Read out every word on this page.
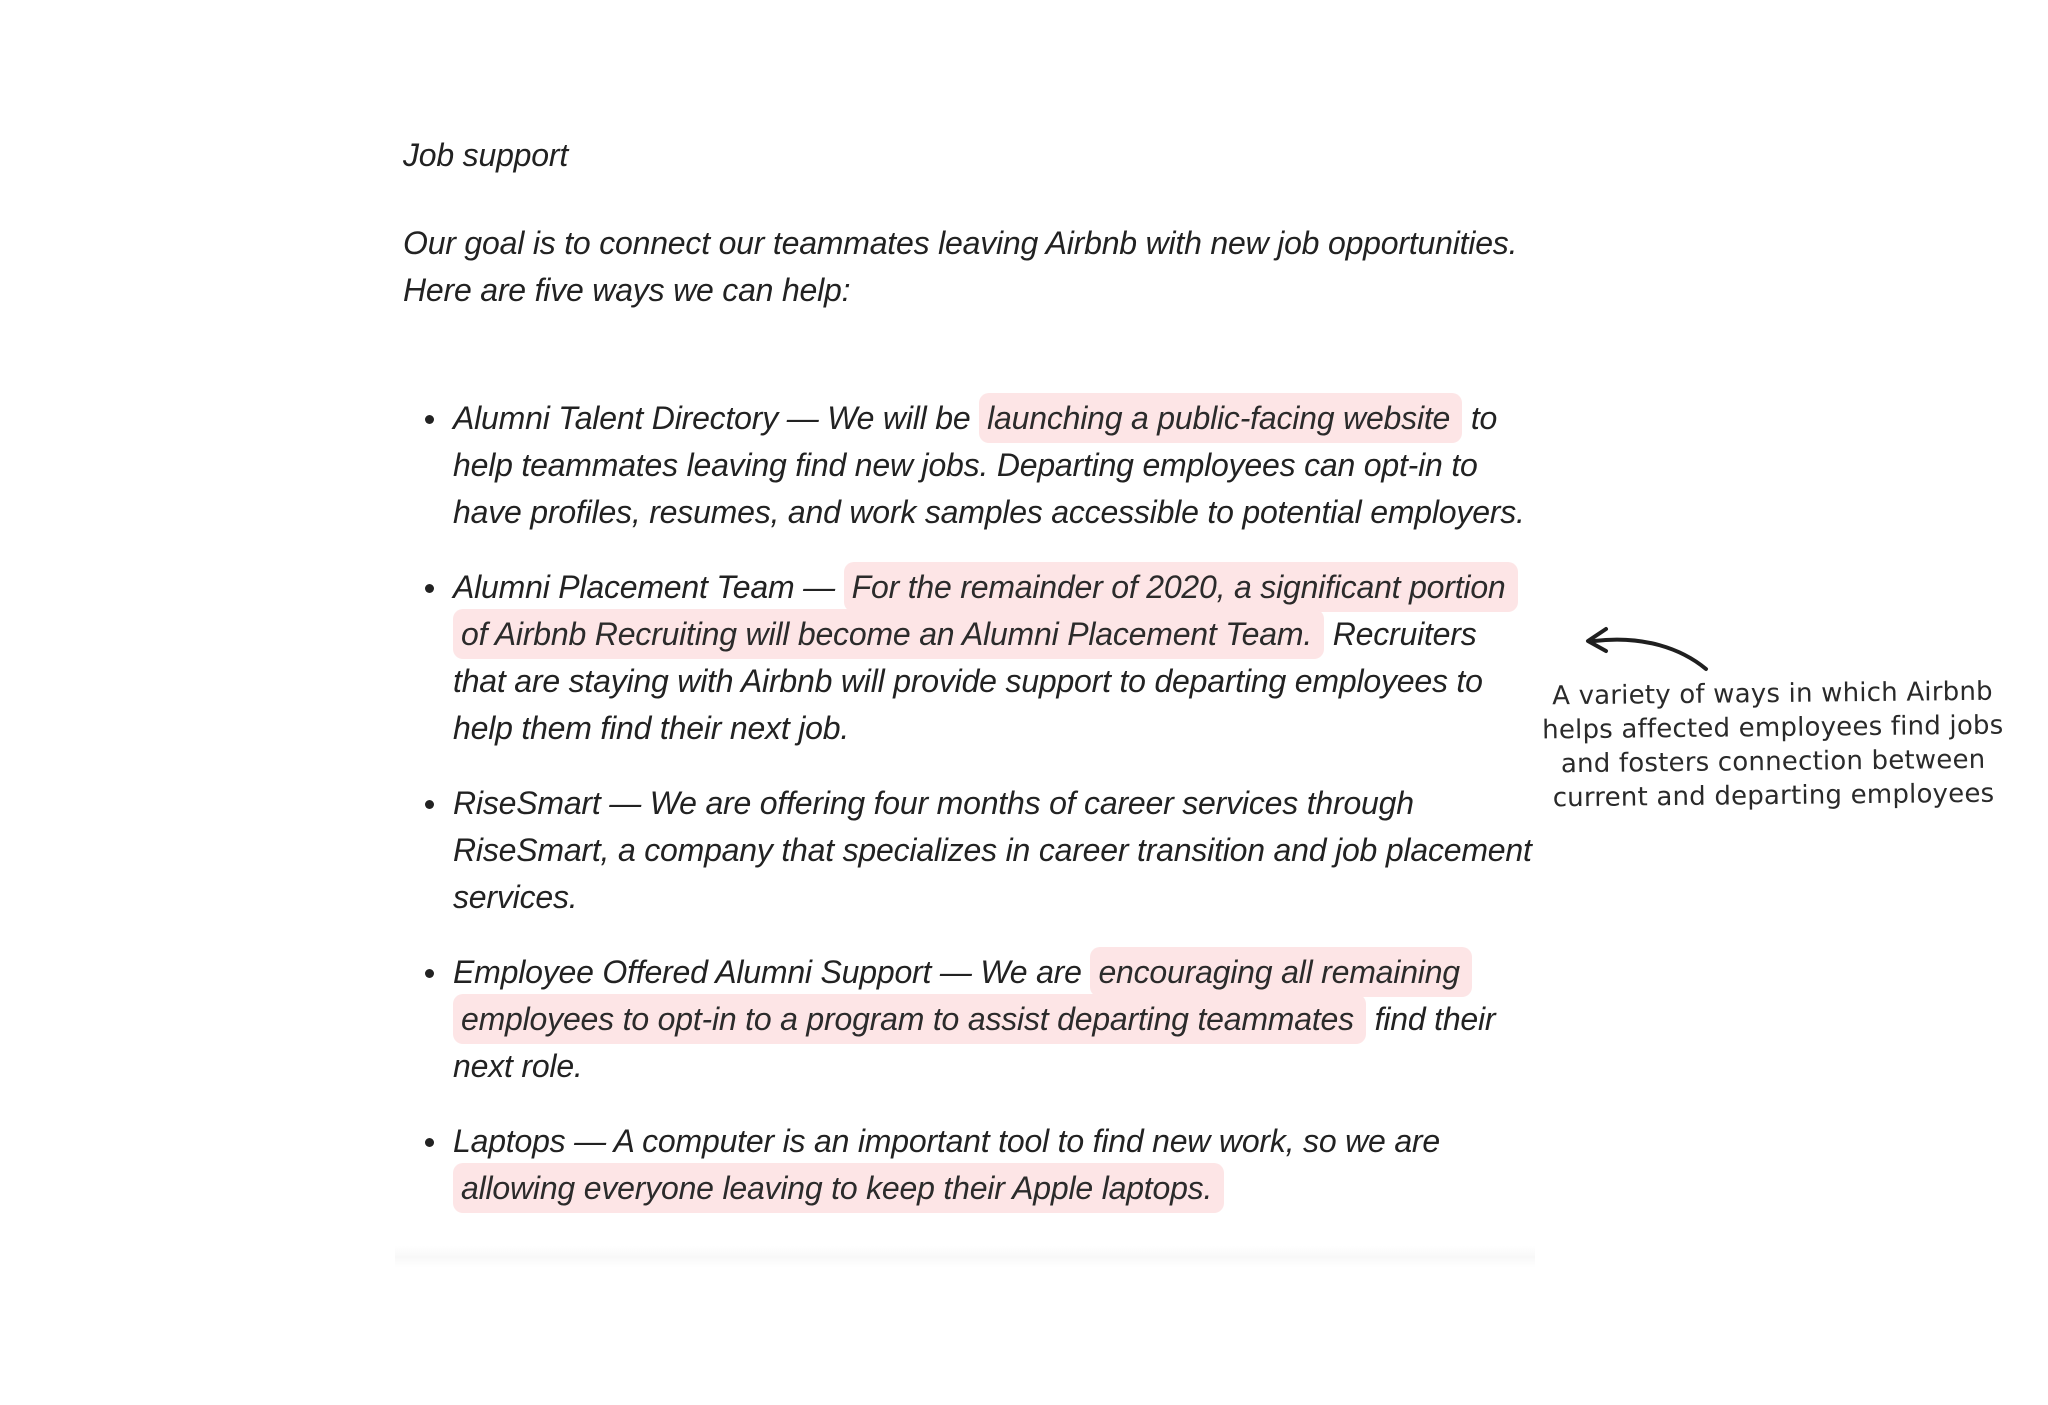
Job support

Our goal is to connect our teammates leaving Airbnb with new job opportunities. Here are five ways we can help:

Alumni Talent Directory — We will be launching a public-facing website to help teammates leaving find new jobs. Departing employees can opt-in to have profiles, resumes, and work samples accessible to potential employers.
Alumni Placement Team — For the remainder of 2020, a significant portion of Airbnb Recruiting will become an Alumni Placement Team. Recruiters that are staying with Airbnb will provide support to departing employees to help them find their next job.
RiseSmart — We are offering four months of career services through RiseSmart, a company that specializes in career transition and job placement services.
Employee Offered Alumni Support — We are encouraging all remaining employees to opt-in to a program to assist departing teammates find their next role.
Laptops — A computer is an important tool to find new work, so we are allowing everyone leaving to keep their Apple laptops.
A variety of ways in which Airbnb helps affected employees find jobs and fosters connection between current and departing employees
